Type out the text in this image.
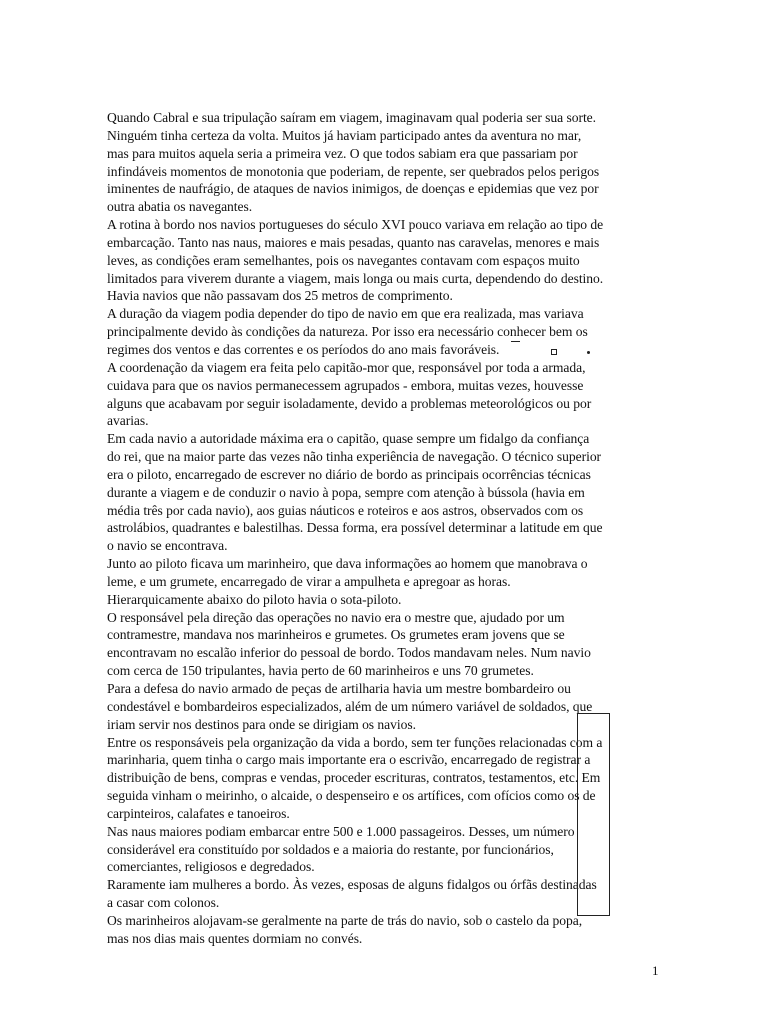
Quando Cabral e sua tripulação saíram em viagem, imaginavam qual poderia ser sua sorte.
Ninguém tinha certeza da volta. Muitos já haviam participado antes da aventura no mar,
mas para muitos aquela seria a primeira vez. O que todos sabiam era que passariam por
infindáveis momentos de monotonia que poderiam, de repente, ser quebrados pelos perigos
iminentes de naufrágio, de ataques de navios inimigos, de doenças e epidemias que vez por
outra abatia os navegantes.
A rotina à bordo nos navios portugueses do século XVI pouco variava em relação ao tipo de
embarcação. Tanto nas naus, maiores e mais pesadas, quanto nas caravelas, menores e mais
leves, as condições eram semelhantes, pois os navegantes contavam com espaços muito
limitados para viverem durante a viagem, mais longa ou mais curta, dependendo do destino.
Havia navios que não passavam dos 25 metros de comprimento.
A duração da viagem podia depender do tipo de navio em que era realizada, mas variava
principalmente devido às condições da natureza. Por isso era necessário conhecer bem os
regimes dos ventos e das correntes e os períodos do ano mais favoráveis.
A coordenação da viagem era feita pelo capitão-mor que, responsável por toda a armada,
cuidava para que os navios permanecessem agrupados - embora, muitas vezes, houvesse
alguns que acabavam por seguir isoladamente, devido a problemas meteorológicos ou por
avarias.
Em cada navio a autoridade máxima era o capitão, quase sempre um fidalgo da confiança
do rei, que na maior parte das vezes não tinha experiência de navegação. O técnico superior
era o piloto, encarregado de escrever no diário de bordo as principais ocorrências técnicas
durante a viagem e de conduzir o navio à popa, sempre com atenção à bússola (havia em
média três por cada navio), aos guias náuticos e roteiros e aos astros, observados com os
astrolábios, quadrantes e balestilhas. Dessa forma, era possível determinar a latitude em que
o navio se encontrava.
Junto ao piloto ficava um marinheiro, que dava informações ao homem que manobrava o
leme, e um grumete, encarregado de virar a ampulheta e apregoar as horas.
Hierarquicamente abaixo do piloto havia o sota-piloto.
O responsável pela direção das operações no navio era o mestre que, ajudado por um
contramestre, mandava nos marinheiros e grumetes. Os grumetes eram jovens que se
encontravam no escalão inferior do pessoal de bordo. Todos mandavam neles. Num navio
com cerca de 150 tripulantes, havia perto de 60 marinheiros e uns 70 grumetes.
Para a defesa do navio armado de peças de artilharia havia um mestre bombardeiro ou
condestável e bombardeiros especializados, além de um número variável de soldados, que
iriam servir nos destinos para onde se dirigiam os navios.
Entre os responsáveis pela organização da vida a bordo, sem ter funções relacionadas com a
marinharia, quem tinha o cargo mais importante era o escrivão, encarregado de registrar a
distribuição de bens, compras e vendas, proceder escrituras, contratos, testamentos, etc. Em
seguida vinham o meirinho, o alcaide, o despenseiro e os artífices, com ofícios como os de
carpinteiros, calafates e tanoeiros.
Nas naus maiores podiam embarcar entre 500 e 1.000 passageiros. Desses, um número
considerável era constituído por soldados e a maioria do restante, por funcionários,
comerciantes, religiosos e degredados.
Raramente iam mulheres a bordo. Às vezes, esposas de alguns fidalgos ou órfãs destinadas
a casar com colonos.
Os marinheiros alojavam-se geralmente na parte de trás do navio, sob o castelo da popa,
mas nos dias mais quentes dormiam no convés.
1
